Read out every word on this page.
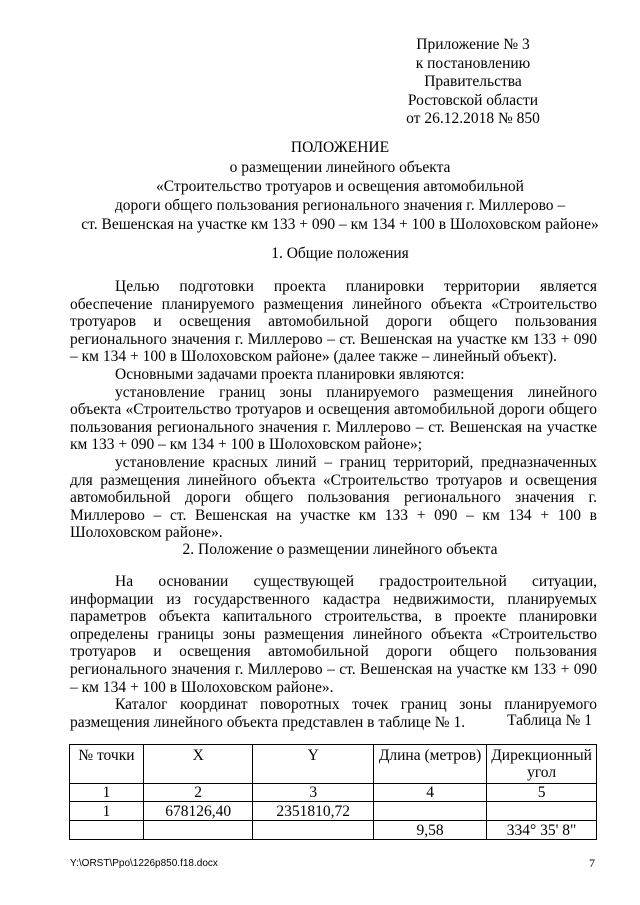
Приложение № 3
к постановлению
Правительства
Ростовской области
от 26.12.2018 № 850
ПОЛОЖЕНИЕ
о размещении линейного объекта
«Строительство тротуаров и освещения автомобильной
дороги общего пользования регионального значения г. Миллерово –
ст. Вешенская на участке км 133 + 090 – км 134 + 100 в Шолоховском районе»
1. Общие положения

Целью подготовки проекта планировки территории является обеспечение планируемого размещения линейного объекта «Строительство тротуаров и освещения автомобильной дороги общего пользования регионального значения г. Миллерово – ст. Вешенская на участке км 133 + 090 – км 134 + 100 в Шолоховском районе» (далее также – линейный объект).

Основными задачами проекта планировки являются:

установление границ зоны планируемого размещения линейного объекта «Строительство тротуаров и освещения автомобильной дороги общего пользования регионального значения г. Миллерово – ст. Вешенская на участке км 133 + 090 – км 134 + 100 в Шолоховском районе»;

установление красных линий – границ территорий, предназначенных для размещения линейного объекта «Строительство тротуаров и освещения автомобильной дороги общего пользования регионального значения г. Миллерово – ст. Вешенская на участке км 133 + 090 – км 134 + 100 в Шолоховском районе».

2. Положение о размещении линейного объекта

На основании существующей градостроительной ситуации, информации из государственного кадастра недвижимости, планируемых параметров объекта капитального строительства, в проекте планировки определены границы зоны размещения линейного объекта «Строительство тротуаров и освещения автомобильной дороги общего пользования регионального значения г. Миллерово – ст. Вешенская на участке км 133 + 090 – км 134 + 100 в Шолоховском районе».

Каталог координат поворотных точек границ зоны планируемого размещения линейного объекта представлен в таблице № 1.	Таблица № 1
№ точки	X	Y	Длина (метров)	Дирекционный угол
1	2	3	4	5
1	678126,40	2351810,72		
			9,58	334° 35' 8"
Y:\ORST\Ppo\1226p850.f18.docx	7
